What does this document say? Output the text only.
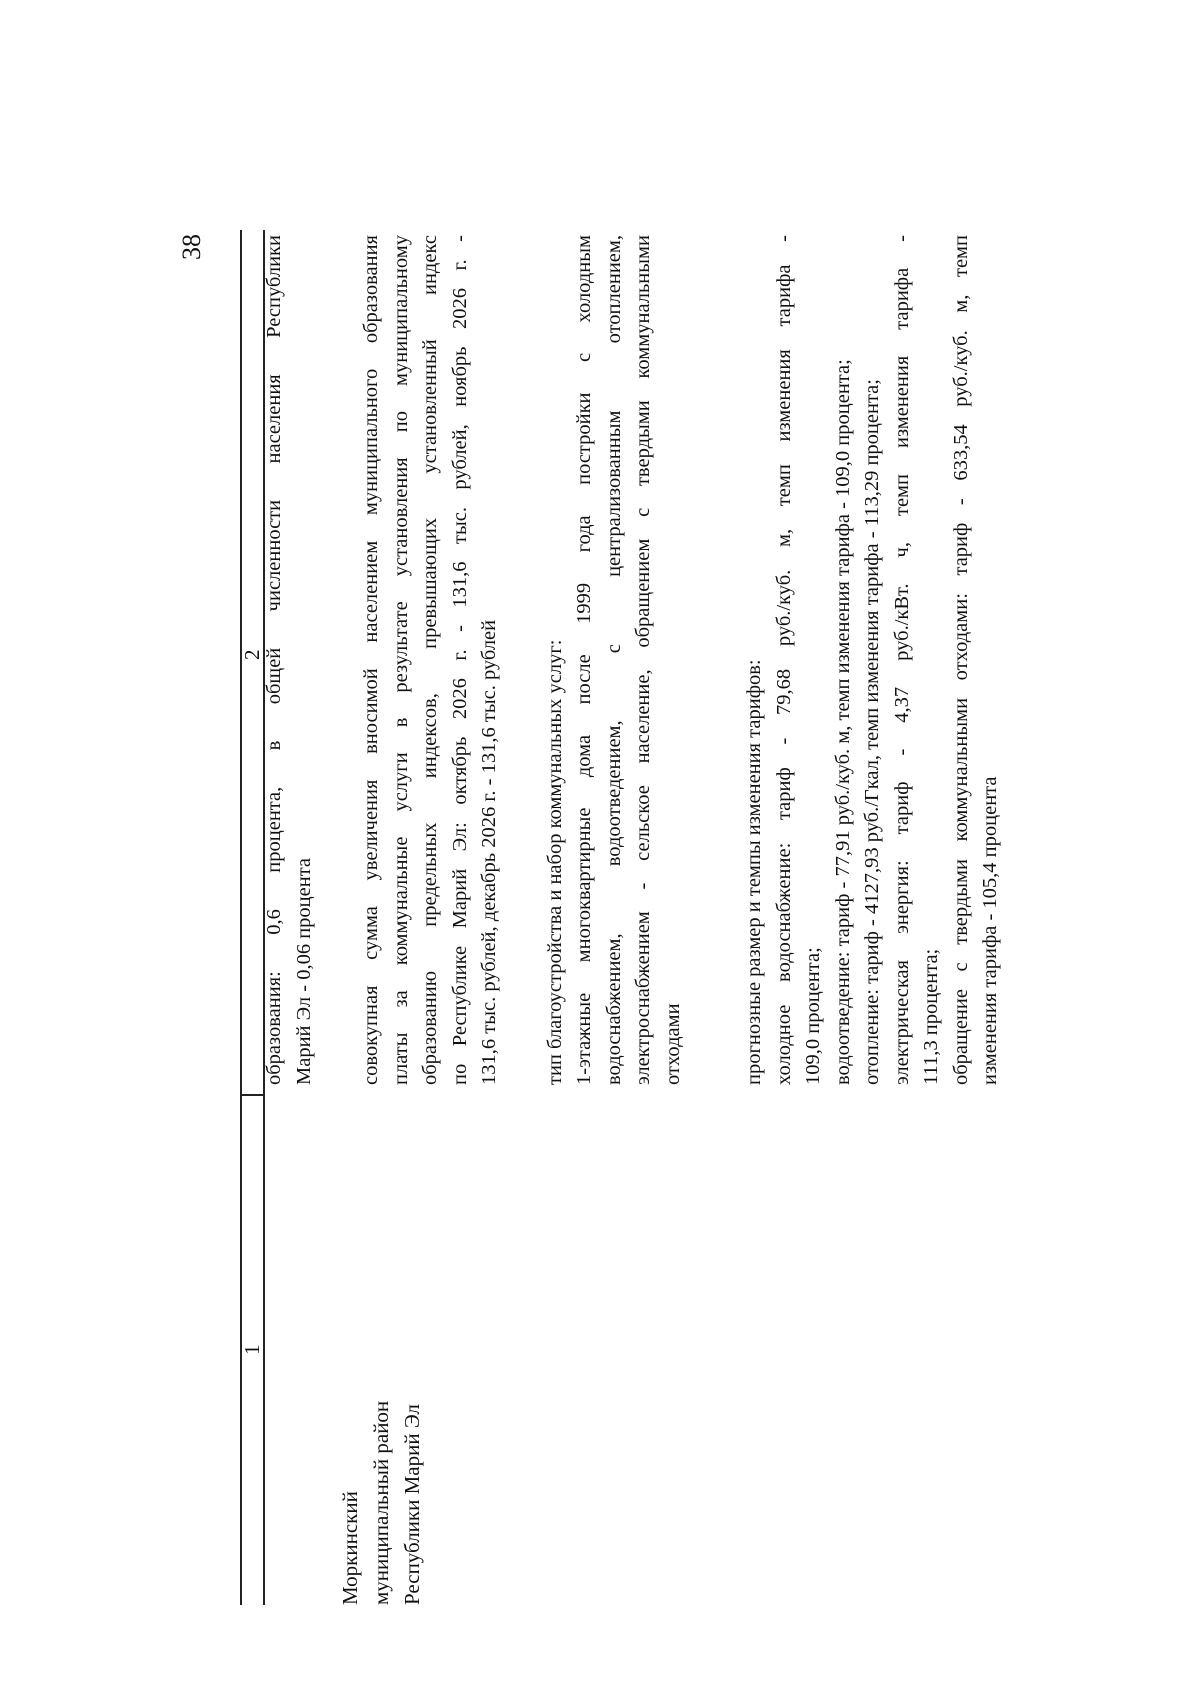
38
1
2
Моркинский муниципальный район Республики Марий Эл
образования: 0,6 процента, в общей численности населения Республики Марий Эл - 0,06 процента совокупная сумма увеличения вносимой населением муниципального образования платы за коммунальные услуги в результате установления по муниципальному образованию предельных индексов, превышающих установленный индекс по Республике Марий Эл: октябрь 2026 г. - 131,6 тыс. рублей, ноябрь 2026 г. - 131,6 тыс. рублей, декабрь 2026 г. - 131,6 тыс. рублей тип благоустройства и набор коммунальных услуг: 1-этажные многоквартирные дома после 1999 года постройки с холодным водоснабжением, водоотведением, с централизованным отоплением, электроснабжением - сельское население, обращением с твердыми коммунальными отходами	прогнозные размер и темпы изменения тарифов: холодное водоснабжение: тариф - 79,68 руб./куб. м, темп изменения тарифа - 109,0 процента; водоотведение: тариф - 77,91 руб./куб. м, темп изменения тарифа - 109,0 процента; отопление: тариф - 4127,93 руб./Гкал, темп изменения тарифа - 113,29 процента; электрическая энергия: тариф - 4,37 руб./кВт. ч, темп изменения тарифа - 111,3 процента; обращение с твердыми коммунальными отходами: тариф - 633,54 руб./куб. м, темп изменения тарифа - 105,4 процента
